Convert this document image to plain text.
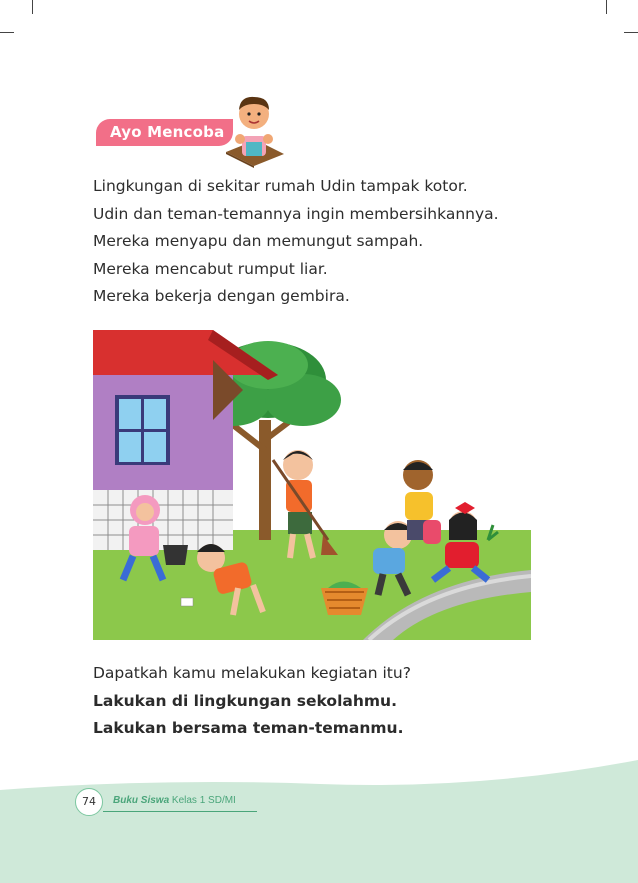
Ayo Mencoba

Lingkungan di sekitar rumah Udin tampak kotor.

Udin dan teman-temannya ingin membersihkannya.

Mereka menyapu dan memungut sampah.

Mereka mencabut rumput liar.

Mereka bekerja dengan gembira.

Dapatkah kamu melakukan kegiatan itu?

Lakukan di lingkungan sekolahmu.

Lakukan bersama teman-temanmu.

74	Buku Siswa Kelas 1 SD/MI
